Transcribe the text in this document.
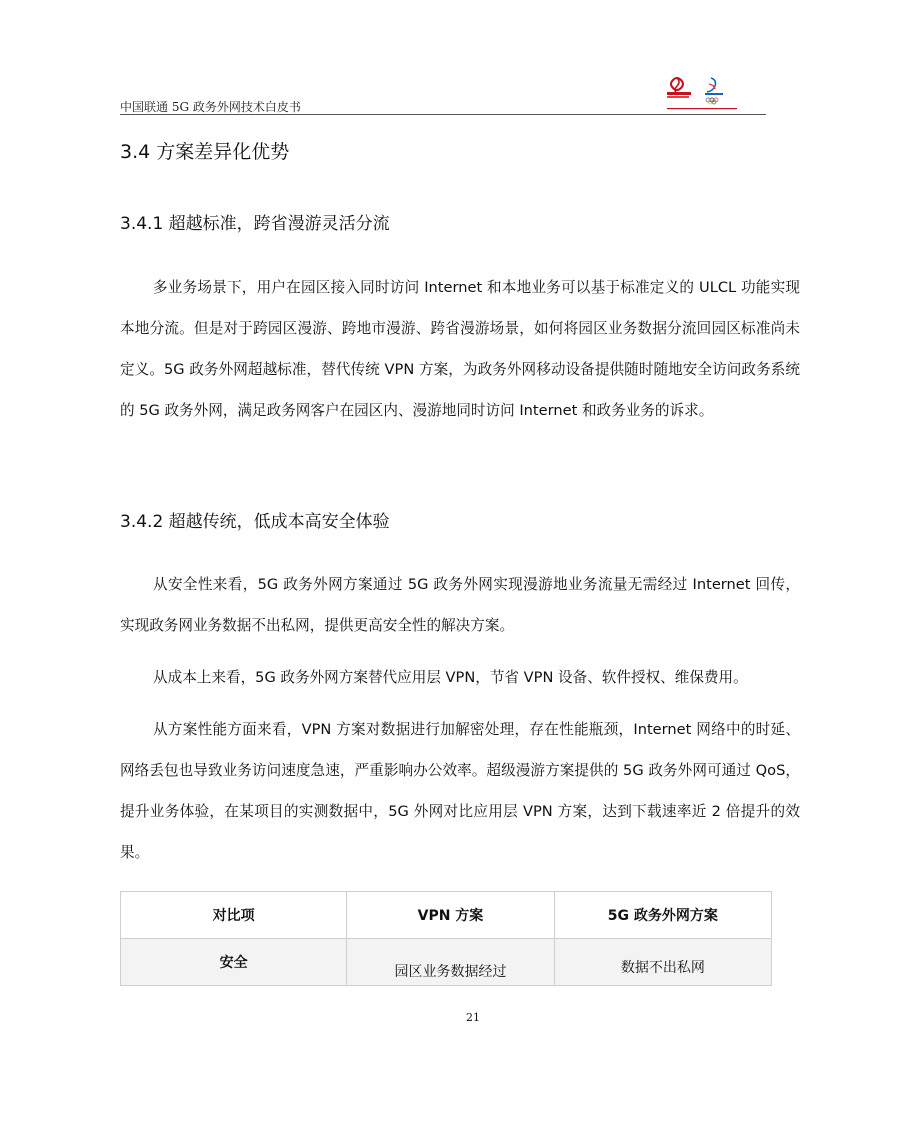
中国联通 5G 政务外网技术白皮书
3.4 方案差异化优势
3.4.1 超越标准，跨省漫游灵活分流

多业务场景下，用户在园区接入同时访问 Internet 和本地业务可以基于标准定义的 ULCL 功能实现本地分流。但是对于跨园区漫游、跨地市漫游、跨省漫游场景，如何将园区业务数据分流回园区标准尚未定义。5G 政务外网超越标准，替代传统 VPN 方案，为政务外网移动设备提供随时随地安全访问政务系统的 5G 政务外网，满足政务网客户在园区内、漫游地同时访问 Internet 和政务业务的诉求。

3.4.2 超越传统，低成本高安全体验

从安全性来看，5G 政务外网方案通过 5G 政务外网实现漫游地业务流量无需经过 Internet 回传，实现政务网业务数据不出私网，提供更高安全性的解决方案。

从成本上来看，5G 政务外网方案替代应用层 VPN，节省 VPN 设备、软件授权、维保费用。

从方案性能方面来看，VPN 方案对数据进行加解密处理，存在性能瓶颈，Internet 网络中的时延、网络丢包也导致业务访问速度急速，严重影响办公效率。超级漫游方案提供的 5G 政务外网可通过 QoS，提升业务体验，在某项目的实测数据中，5G 外网对比应用层 VPN 方案，达到下载速率近 2 倍提升的效果。

对比项	VPN 方案	5G 政务外网方案
安全	园区业务数据经过	数据不出私网
21
